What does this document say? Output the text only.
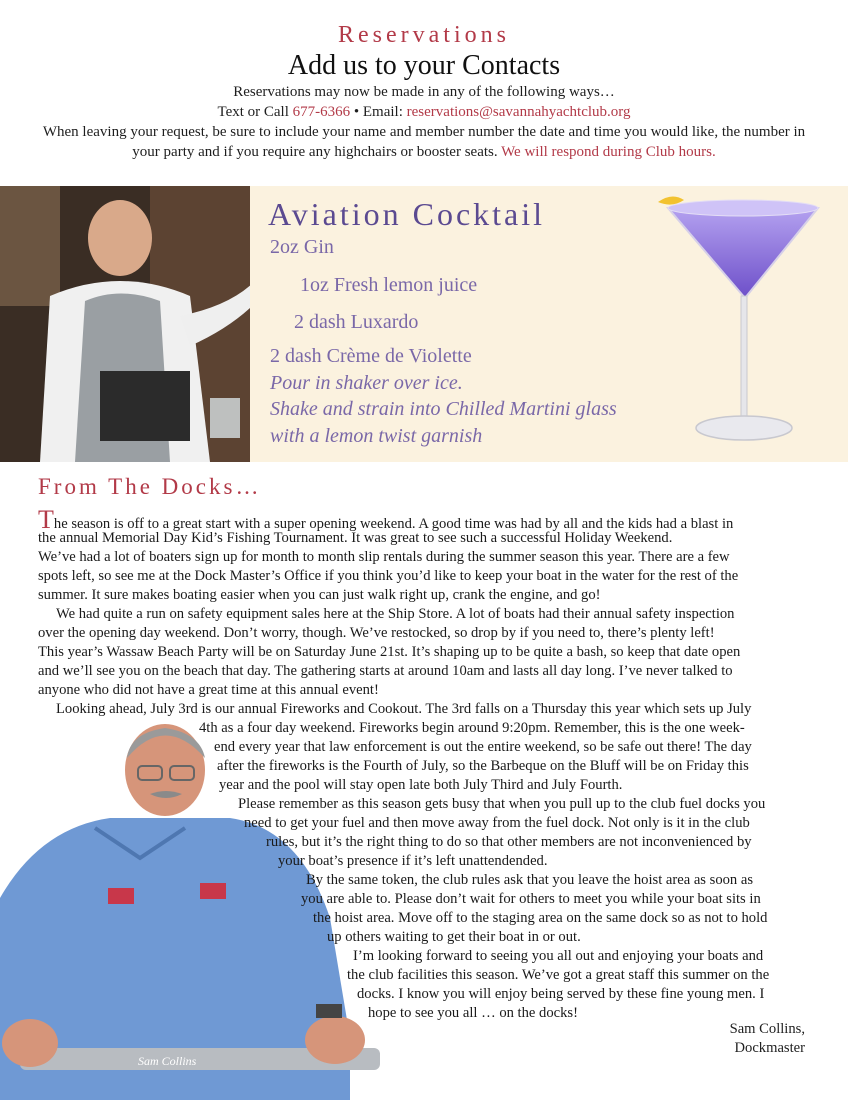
Reservations
Add us to your Contacts
Reservations may now be made in any of the following ways…
Text or Call 677-6366 • Email: reservations@savannahyachtclub.org
When leaving your request, be sure to include your name and member number the date and time you would like, the number in your party and if you require any highchairs or booster seats. We will respond during Club hours.
Aviation Cocktail
2oz Gin
1oz Fresh lemon juice
2 dash Luxardo
2 dash Crème de Violette
Pour in shaker over ice.
Shake and strain into Chilled Martini glass
with a lemon twist garnish
From The Docks…
Sam Collins
The season is off to a great start with a super opening weekend. A good time was had by all and the kids had a blast in
the annual Memorial Day Kid’s Fishing Tournament. It was great to see such a successful Holiday Weekend.
We’ve had a lot of boaters sign up for month to month slip rentals during the summer season this year. There are a few
spots left, so see me at the Dock Master’s Office if you think you’d like to keep your boat in the water for the rest of the
summer. It sure makes boating easier when you can just walk right up, crank the engine, and go!
We had quite a run on safety equipment sales here at the Ship Store. A lot of boats had their annual safety inspection
over the opening day weekend. Don’t worry, though. We’ve restocked, so drop by if you need to, there’s plenty left!
This year’s Wassaw Beach Party will be on Saturday June 21st. It’s shaping up to be quite a bash, so keep that date open
and we’ll see you on the beach that day. The gathering starts at around 10am and lasts all day long. I’ve never talked to
anyone who did not have a great time at this annual event!
Looking ahead, July 3rd is our annual Fireworks and Cookout. The 3rd falls on a Thursday this year which sets up July
4th as a four day weekend. Fireworks begin around 9:20pm. Remember, this is the one week-
end every year that law enforcement is out the entire weekend, so be safe out there! The day
after the fireworks is the Fourth of July, so the Barbeque on the Bluff will be on Friday this
year and the pool will stay open late both July Third and July Fourth.
Please remember as this season gets busy that when you pull up to the club fuel docks you
need to get your fuel and then move away from the fuel dock. Not only is it in the club
rules, but it’s the right thing to do so that other members are not inconvenienced by
your boat’s presence if it’s left unattendended.
By the same token, the club rules ask that you leave the hoist area as soon as
you are able to. Please don’t wait for others to meet you while your boat sits in
the hoist area. Move off to the staging area on the same dock so as not to hold
up others waiting to get their boat in or out.
I’m looking forward to seeing you all out and enjoying your boats and
the club facilities this season. We’ve got a great staff this summer on the
docks. I know you will enjoy being served by these fine young men. I
hope to see you all … on the docks!
Sam Collins,
Dockmaster
